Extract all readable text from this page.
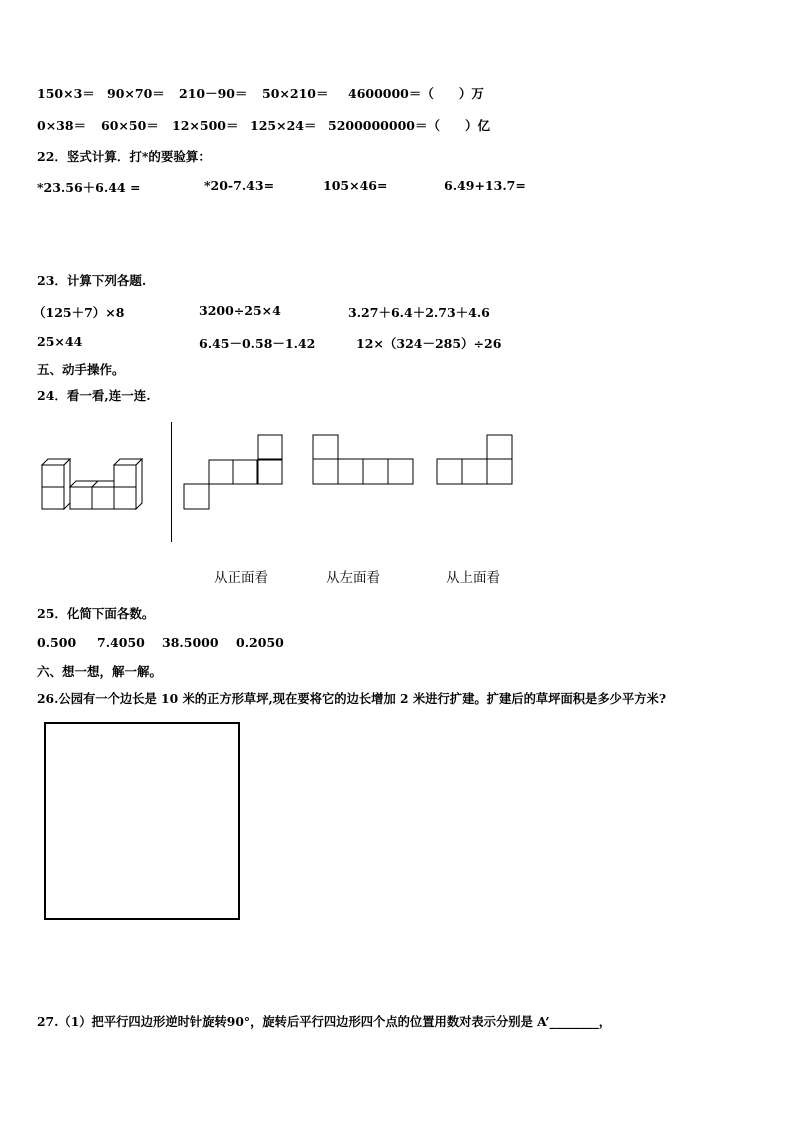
150×3＝ 90×70＝ 210－90＝ 50×210＝ 4600000＝（　　）万
0×38＝ 60×50＝ 12×500＝ 125×24＝ 5200000000＝（　　）亿
22．竖式计算．打*的要验算：
*23.56＋6.44 =	*20-7.43=	105×46=	6.49+13.7=
23．计算下列各题.
（125＋7）×8	3200÷25×4	3.27＋6.4＋2.73＋4.6
25×44	6.45－0.58－1.42	12×（324－285）÷26
五、动手操作。
24．看一看,连一连.
从正面看	从左面看	从上面看
25．化简下面各数。
0.500 7.4050 38.5000 0.2050
六、想一想，解一解。
26.公园有一个边长是 10 米的正方形草坪,现在要将它的边长增加 2 米进行扩建。扩建后的草坪面积是多少平方米?
27.（1）把平行四边形逆时针旋转90°，旋转后平行四边形四个点的位置用数对表示分别是 A’________，
